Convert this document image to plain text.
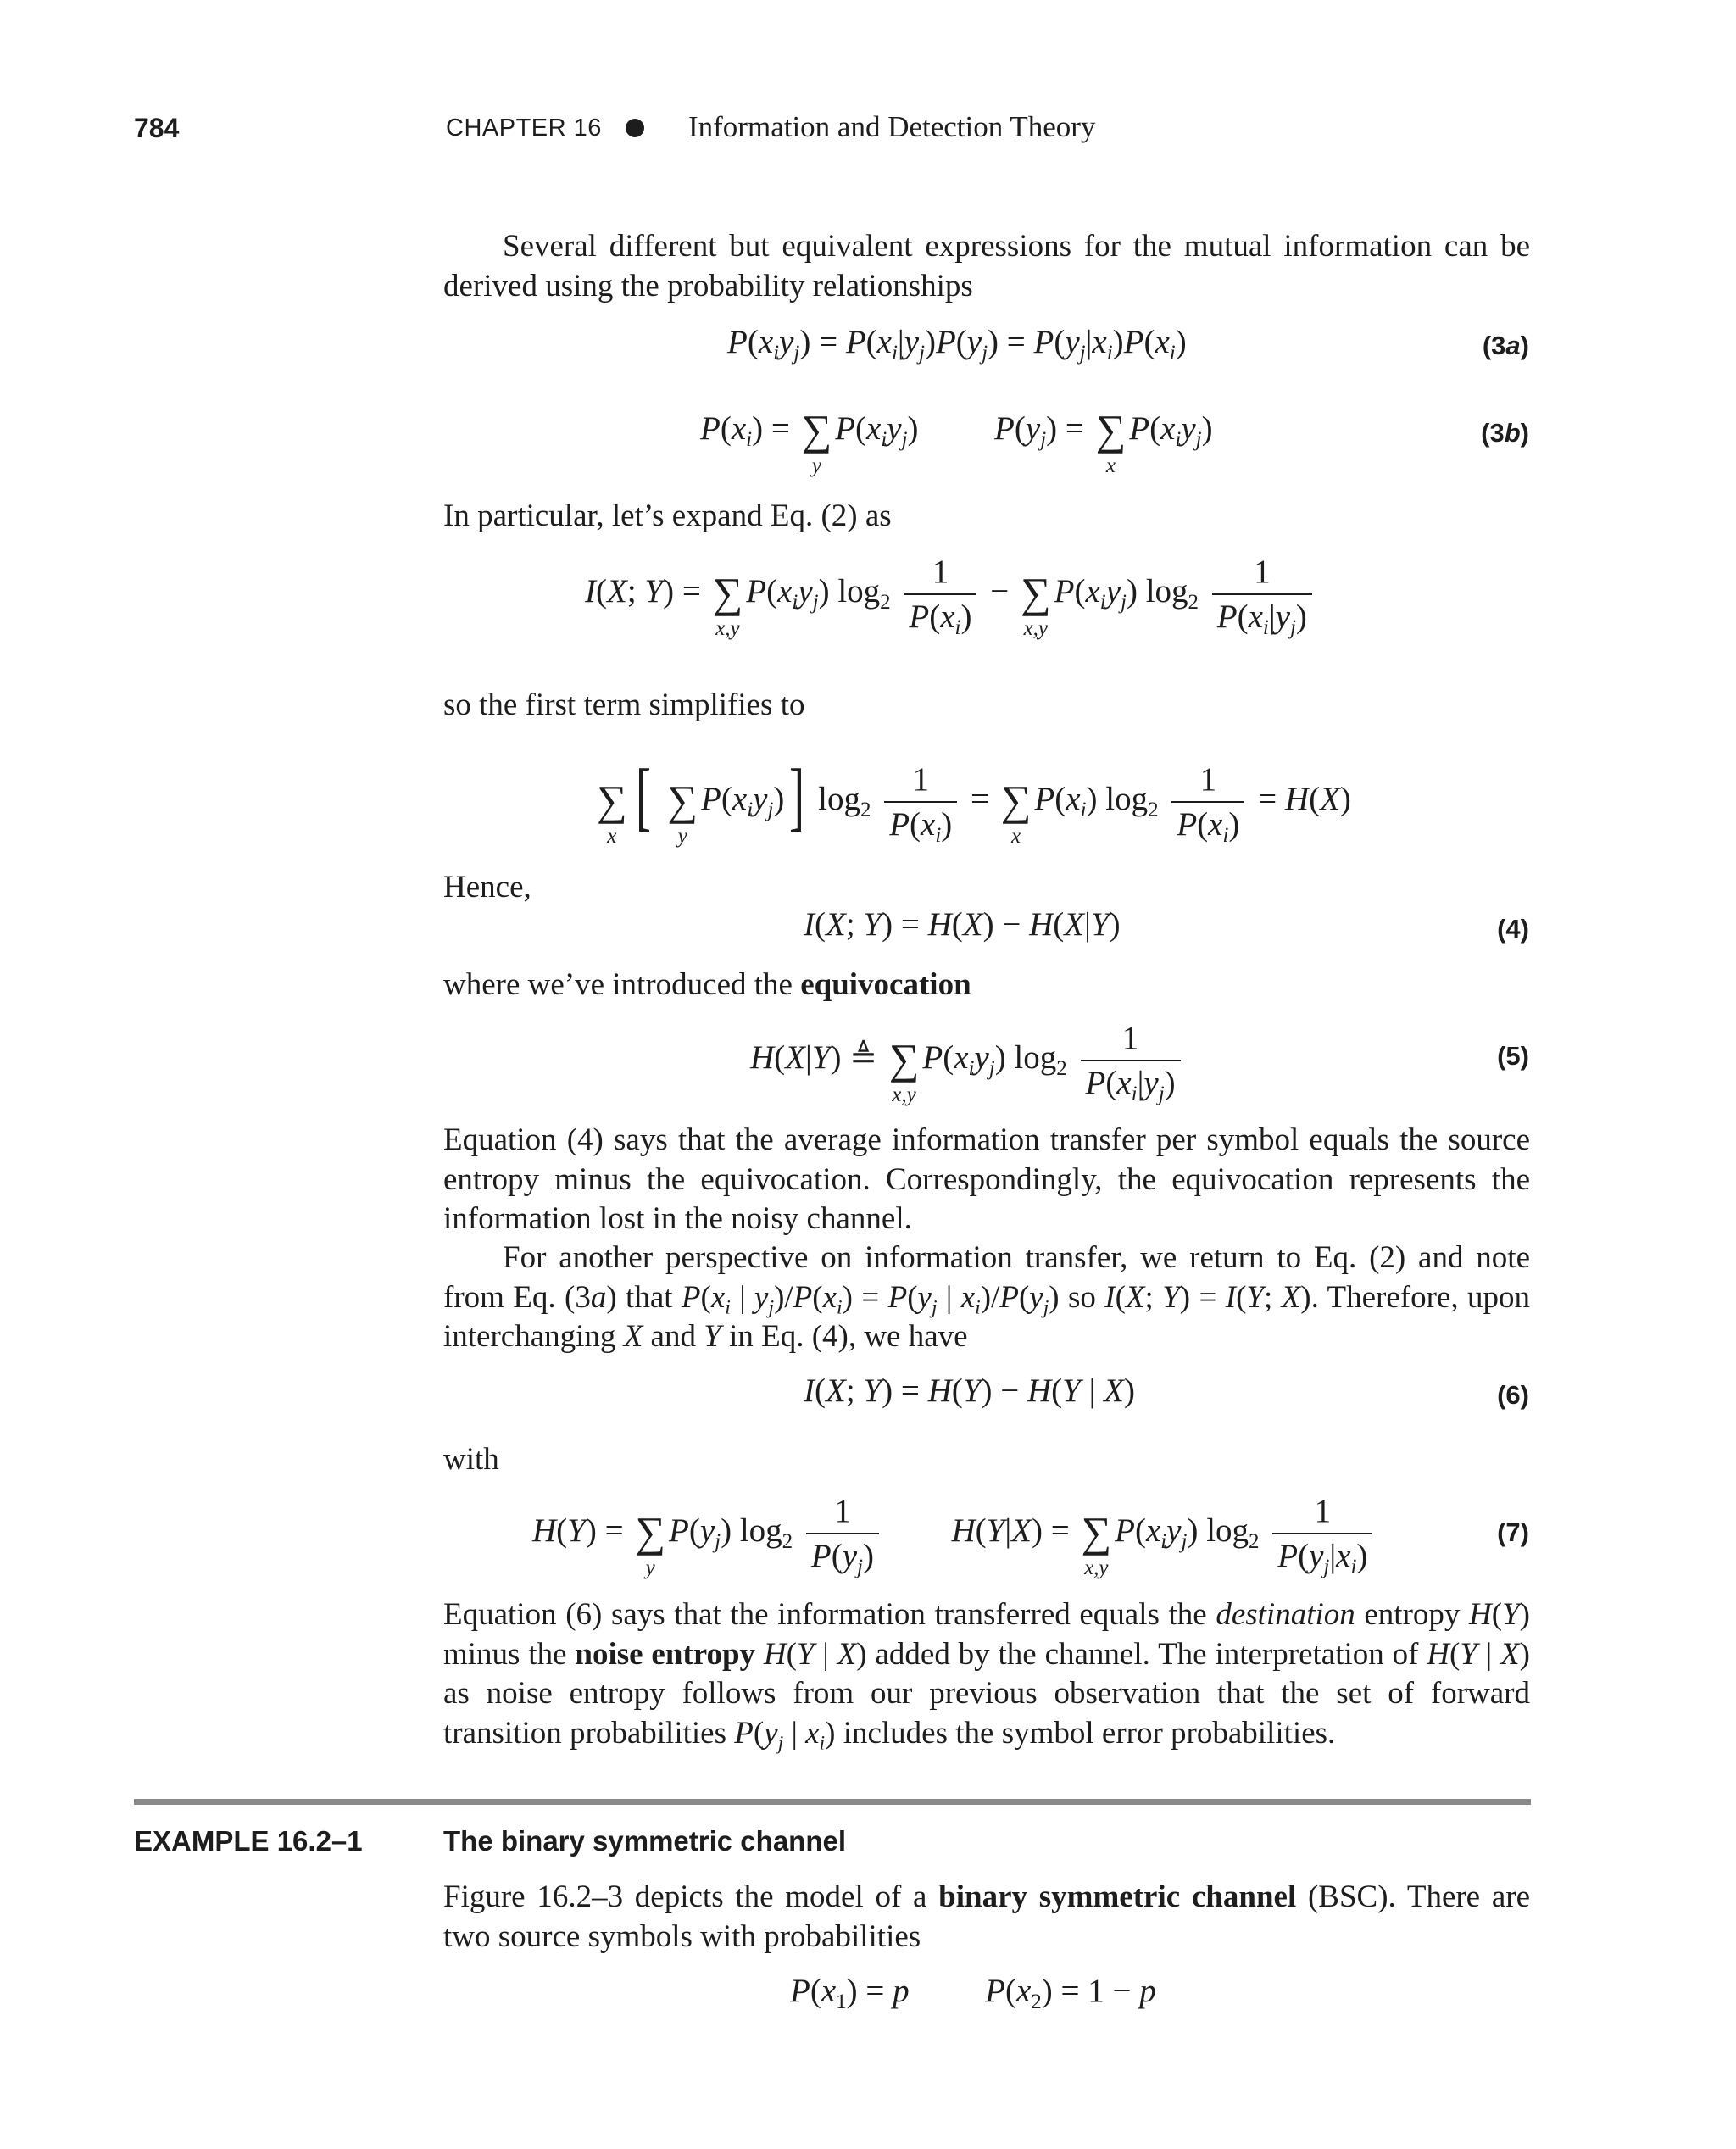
784	CHAPTER 16	Information and Detection Theory

Several different but equivalent expressions for the mutual information can be derived using the probability relationships

$P(x_iy_j) = P(x_i|y_j)P(y_j) = P(y_j|x_i)P(x_i)$	(3a)
$P(x_i)$ = ∑
y
$P(x_iy_j) P(y_j)$ = ∑
x
$P(x_iy_j)$	(3b)
In particular, let’s expand Eq. (2) as
I(X; Y) = ∑
x,y
$P(x_iy_j)$ $\log_2 \frac{1}{P(x_i)}$ − ∑
x,y
$P(x_iy_j)$ $\log_2 \frac{1}{P(x_i|y_j)}$
so the first term simplifies to
∑
x [ ∑
y
$P(x_iy_j)$] $\log_2 \frac{1}{P(x_i)}$ = ∑
x
$P(x_i)$ $\log_2 \frac{1}{P(x_i)} = H(X)$
Hence,
I(X; Y) = H(X) − H(X|Y)	(4)
where we’ve introduced the equivocation
H(X|Y) ≜ ∑
x,y
$P(x_iy_j)$ $\log_2 \frac{1}{P(x_i|y_j)}$	(5)

Equation (4) says that the average information transfer per symbol equals the source entropy minus the equivocation. Correspondingly, the equivocation represents the information lost in the noisy channel.

For another perspective on information transfer, we return to Eq. (2) and note from Eq. (3a) that $P(x_i$ | $y_j)/P(x_i) = P(y_j$ | $x_i)/P(y_j)$ so I(X; Y) = I(Y; X). Therefore, upon interchanging X and Y in Eq. (4), we have

I(X; Y) = H(Y) − H(Y | X)	(6)
with
H(Y) = ∑
y
$P(y_j)$ $\log_2 \frac{1}{P(y_j)} H(Y|X)$ = ∑
x,y
$P(x_iy_j)$ $\log_2 \frac{1}{P(y_j|x_i)}$	(7)

Equation (6) says that the information transferred equals the destination entropy H(Y) minus the noise entropy H(Y | X) added by the channel. The interpretation of H(Y | X) as noise entropy follows from our previous observation that the set of forward transition probabilities $P(y_j$ | $x_i$) includes the symbol error probabilities.

EXAMPLE 16.2–1	The binary symmetric channel

Figure 16.2–3 depicts the model of a binary symmetric channel (BSC). There are two source symbols with probabilities

$P(x_1) = p$ $P(x_2) = 1 - p$
